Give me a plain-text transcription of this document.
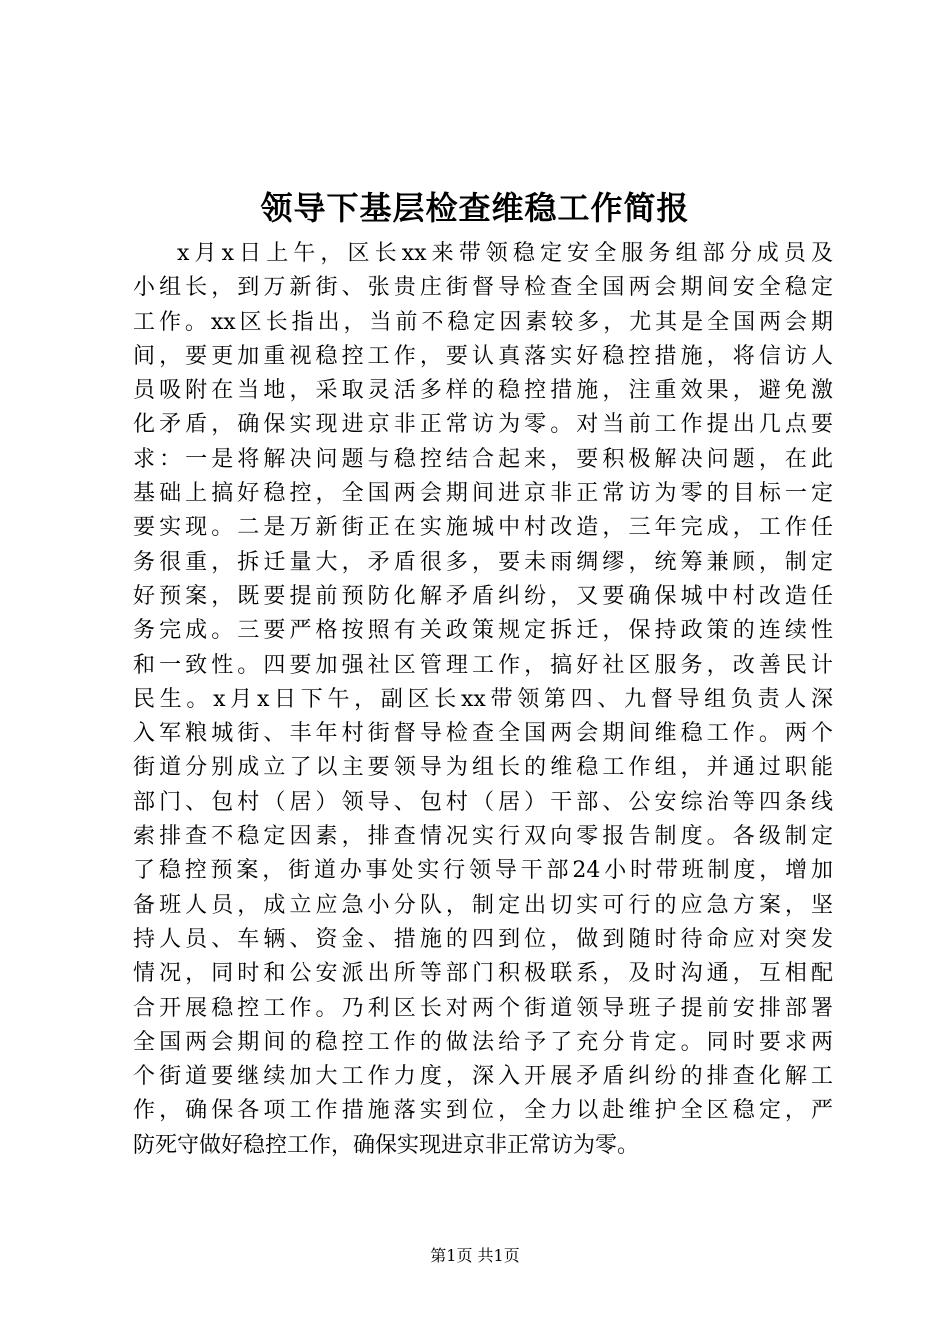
领导下基层检查维稳工作简报
x月x日上午，区长xx来带领稳定安全服务组部分成员及
小组长，到万新街、张贵庄街督导检查全国两会期间安全稳定
工作。xx区长指出，当前不稳定因素较多，尤其是全国两会期
间，要更加重视稳控工作，要认真落实好稳控措施，将信访人
员吸附在当地，采取灵活多样的稳控措施，注重效果，避免激
化矛盾，确保实现进京非正常访为零。对当前工作提出几点要
求：一是将解决问题与稳控结合起来，要积极解决问题，在此
基础上搞好稳控，全国两会期间进京非正常访为零的目标一定
要实现。二是万新街正在实施城中村改造，三年完成，工作任
务很重，拆迁量大，矛盾很多，要未雨绸缪，统筹兼顾，制定
好预案，既要提前预防化解矛盾纠纷，又要确保城中村改造任
务完成。三要严格按照有关政策规定拆迁，保持政策的连续性
和一致性。四要加强社区管理工作，搞好社区服务，改善民计
民生。x月x日下午，副区长xx带领第四、九督导组负责人深
入军粮城街、丰年村街督导检查全国两会期间维稳工作。两个
街道分别成立了以主要领导为组长的维稳工作组，并通过职能
部门、包村（居）领导、包村（居）干部、公安综治等四条线
索排查不稳定因素，排查情况实行双向零报告制度。各级制定
了稳控预案，街道办事处实行领导干部24小时带班制度，增加
备班人员，成立应急小分队，制定出切实可行的应急方案，坚
持人员、车辆、资金、措施的四到位，做到随时待命应对突发
情况，同时和公安派出所等部门积极联系，及时沟通，互相配
合开展稳控工作。乃利区长对两个街道领导班子提前安排部署
全国两会期间的稳控工作的做法给予了充分肯定。同时要求两
个街道要继续加大工作力度，深入开展矛盾纠纷的排查化解工
作，确保各项工作措施落实到位，全力以赴维护全区稳定，严
防死守做好稳控工作，确保实现进京非正常访为零。
第1页 共1页
